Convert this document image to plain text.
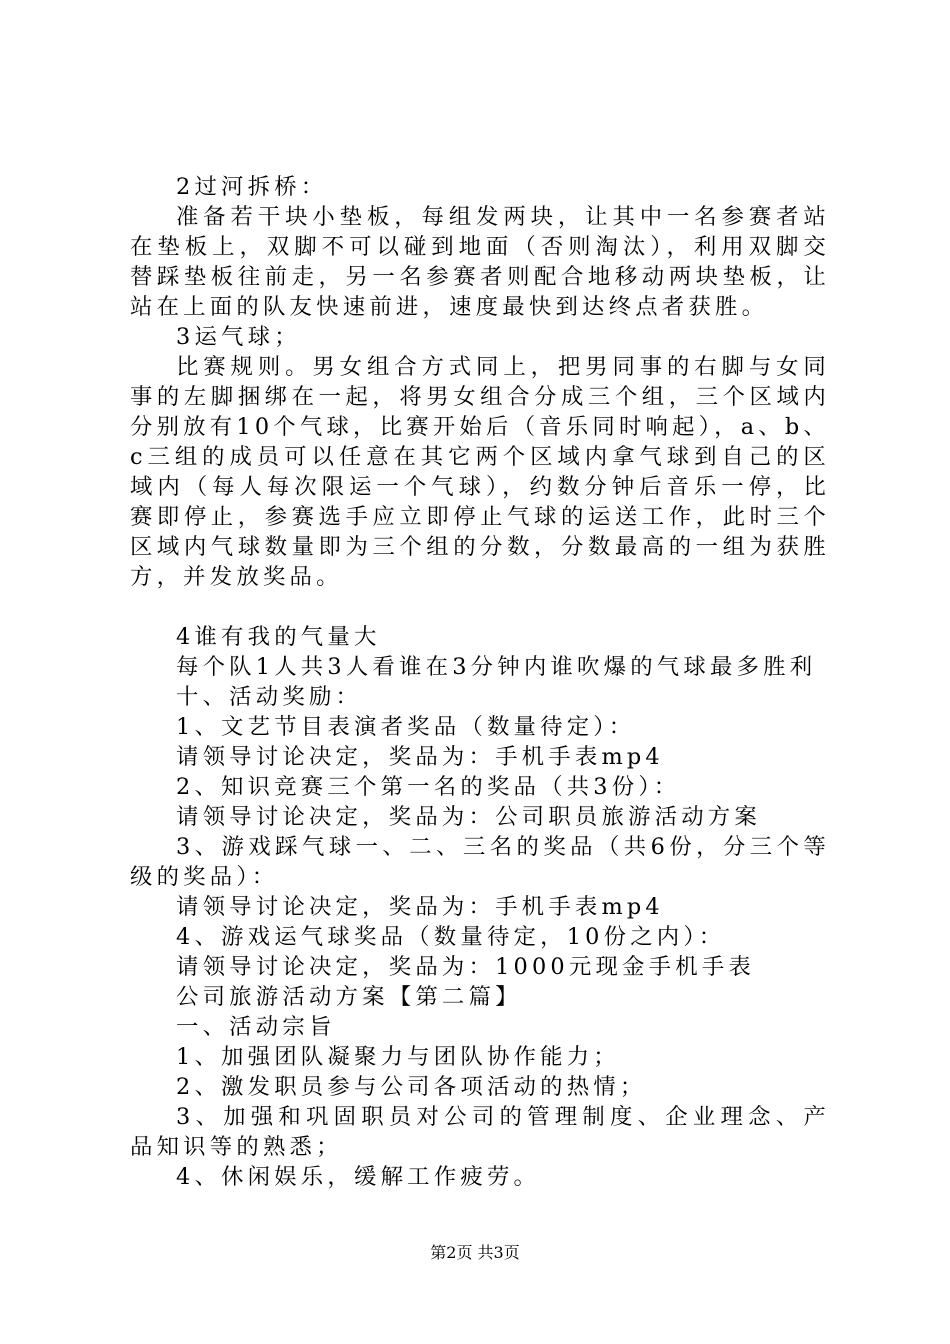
2过河拆桥：

准备若干块小垫板，每组发两块，让其中一名参赛者站在垫板上，双脚不可以碰到地面（否则淘汰），利用双脚交替踩垫板往前走，另一名参赛者则配合地移动两块垫板，让站在上面的队友快速前进，速度最快到达终点者获胜。

3运气球；

比赛规则。男女组合方式同上，把男同事的右脚与女同事的左脚捆绑在一起，将男女组合分成三个组，三个区域内分别放有10个气球，比赛开始后（音乐同时响起），a、b、c三组的成员可以任意在其它两个区域内拿气球到自己的区域内（每人每次限运一个气球），约数分钟后音乐一停，比赛即停止，参赛选手应立即停止气球的运送工作，此时三个区域内气球数量即为三个组的分数，分数最高的一组为获胜方，并发放奖品。

4谁有我的气量大

每个队1人共3人看谁在3分钟内谁吹爆的气球最多胜利

十、活动奖励：

1、文艺节目表演者奖品（数量待定）：

请领导讨论决定，奖品为：手机手表mp4

2、知识竞赛三个第一名的奖品（共3份）：

请领导讨论决定，奖品为：公司职员旅游活动方案

3、游戏踩气球一、二、三名的奖品（共6份，分三个等级的奖品）：

请领导讨论决定，奖品为：手机手表mp4

4、游戏运气球奖品（数量待定，10份之内）：

请领导讨论决定，奖品为：1000元现金手机手表

公司旅游活动方案【第二篇】

一、活动宗旨

1、加强团队凝聚力与团队协作能力；

2、激发职员参与公司各项活动的热情；

3、加强和巩固职员对公司的管理制度、企业理念、产品知识等的熟悉；

4、休闲娱乐，缓解工作疲劳。

第2页 共3页
